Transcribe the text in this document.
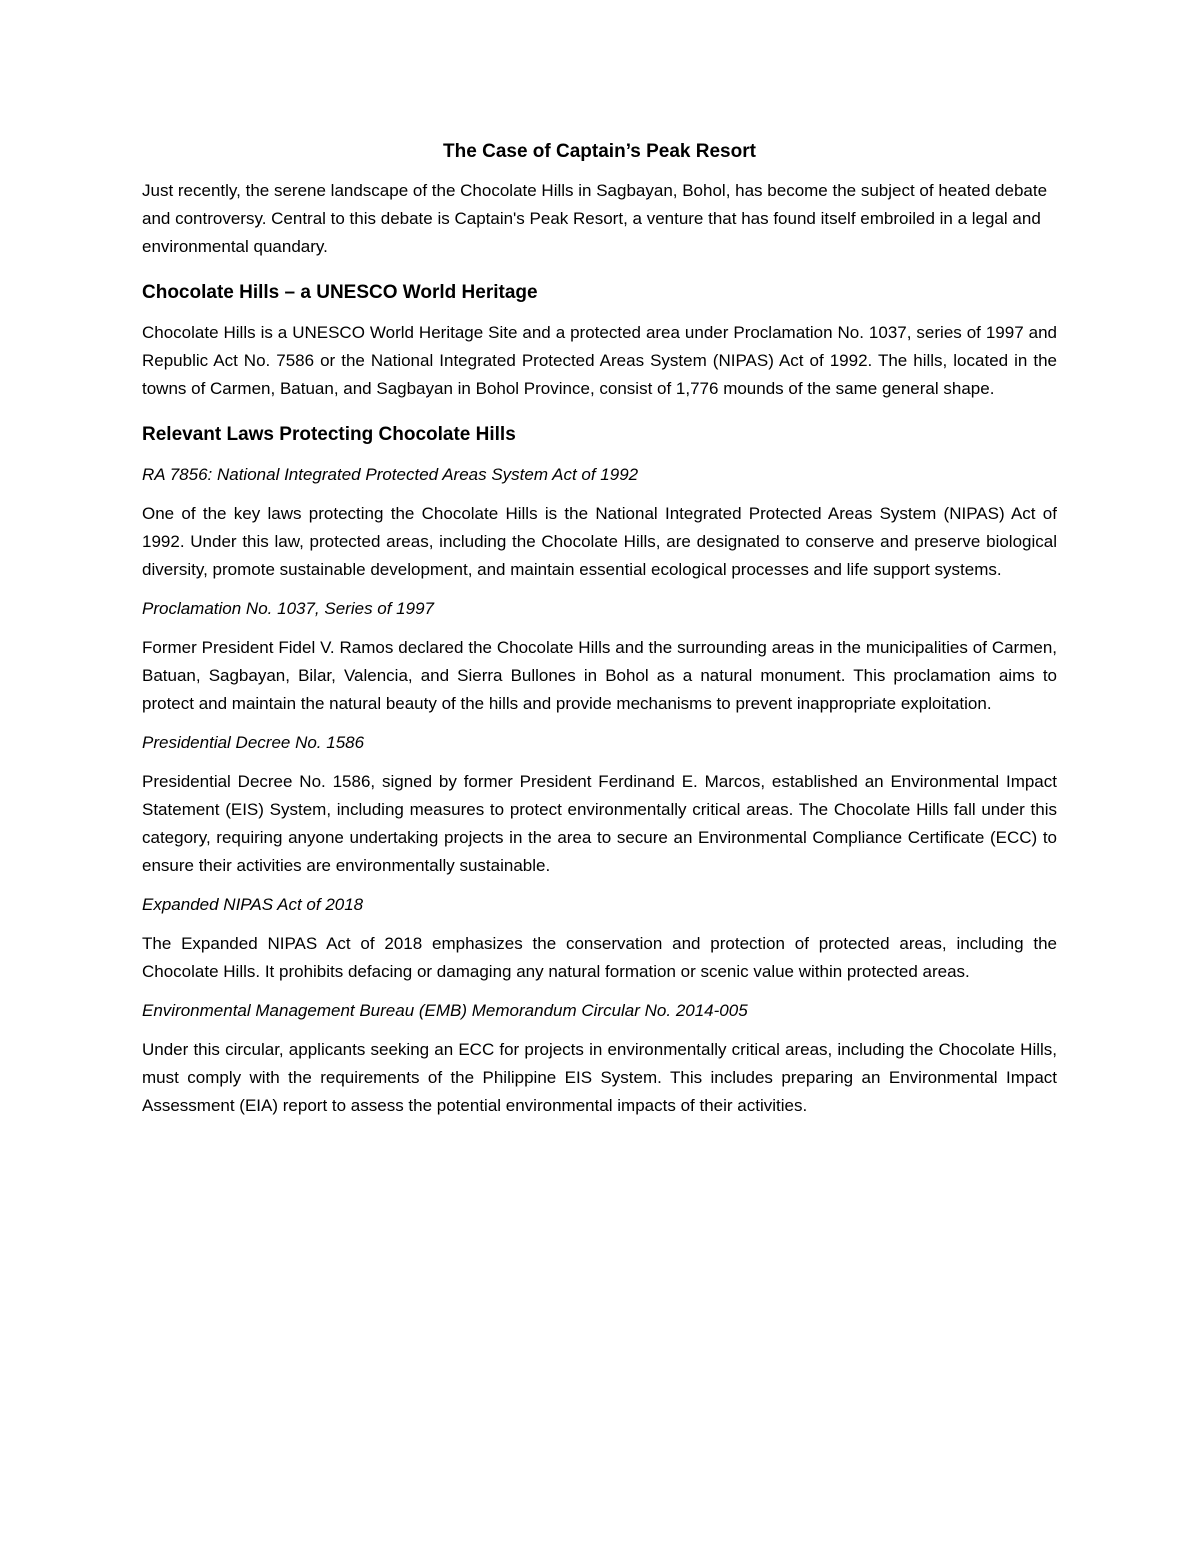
The Case of Captain’s Peak Resort

Just recently, the serene landscape of the Chocolate Hills in Sagbayan, Bohol, has become the subject of heated debate and controversy. Central to this debate is Captain's Peak Resort, a venture that has found itself embroiled in a legal and environmental quandary.

Chocolate Hills – a UNESCO World Heritage

Chocolate Hills is a UNESCO World Heritage Site and a protected area under Proclamation No. 1037, series of 1997 and Republic Act No. 7586 or the National Integrated Protected Areas System (NIPAS) Act of 1992. The hills, located in the towns of Carmen, Batuan, and Sagbayan in Bohol Province, consist of 1,776 mounds of the same general shape.

Relevant Laws Protecting Chocolate Hills

RA 7856: National Integrated Protected Areas System Act of 1992

One of the key laws protecting the Chocolate Hills is the National Integrated Protected Areas System (NIPAS) Act of 1992. Under this law, protected areas, including the Chocolate Hills, are designated to conserve and preserve biological diversity, promote sustainable development, and maintain essential ecological processes and life support systems.

Proclamation No. 1037, Series of 1997

Former President Fidel V. Ramos declared the Chocolate Hills and the surrounding areas in the municipalities of Carmen, Batuan, Sagbayan, Bilar, Valencia, and Sierra Bullones in Bohol as a natural monument. This proclamation aims to protect and maintain the natural beauty of the hills and provide mechanisms to prevent inappropriate exploitation.

Presidential Decree No. 1586

Presidential Decree No. 1586, signed by former President Ferdinand E. Marcos, established an Environmental Impact Statement (EIS) System, including measures to protect environmentally critical areas. The Chocolate Hills fall under this category, requiring anyone undertaking projects in the area to secure an Environmental Compliance Certificate (ECC) to ensure their activities are environmentally sustainable.

Expanded NIPAS Act of 2018

The Expanded NIPAS Act of 2018 emphasizes the conservation and protection of protected areas, including the Chocolate Hills. It prohibits defacing or damaging any natural formation or scenic value within protected areas.

Environmental Management Bureau (EMB) Memorandum Circular No. 2014-005

Under this circular, applicants seeking an ECC for projects in environmentally critical areas, including the Chocolate Hills, must comply with the requirements of the Philippine EIS System. This includes preparing an Environmental Impact Assessment (EIA) report to assess the potential environmental impacts of their activities.
